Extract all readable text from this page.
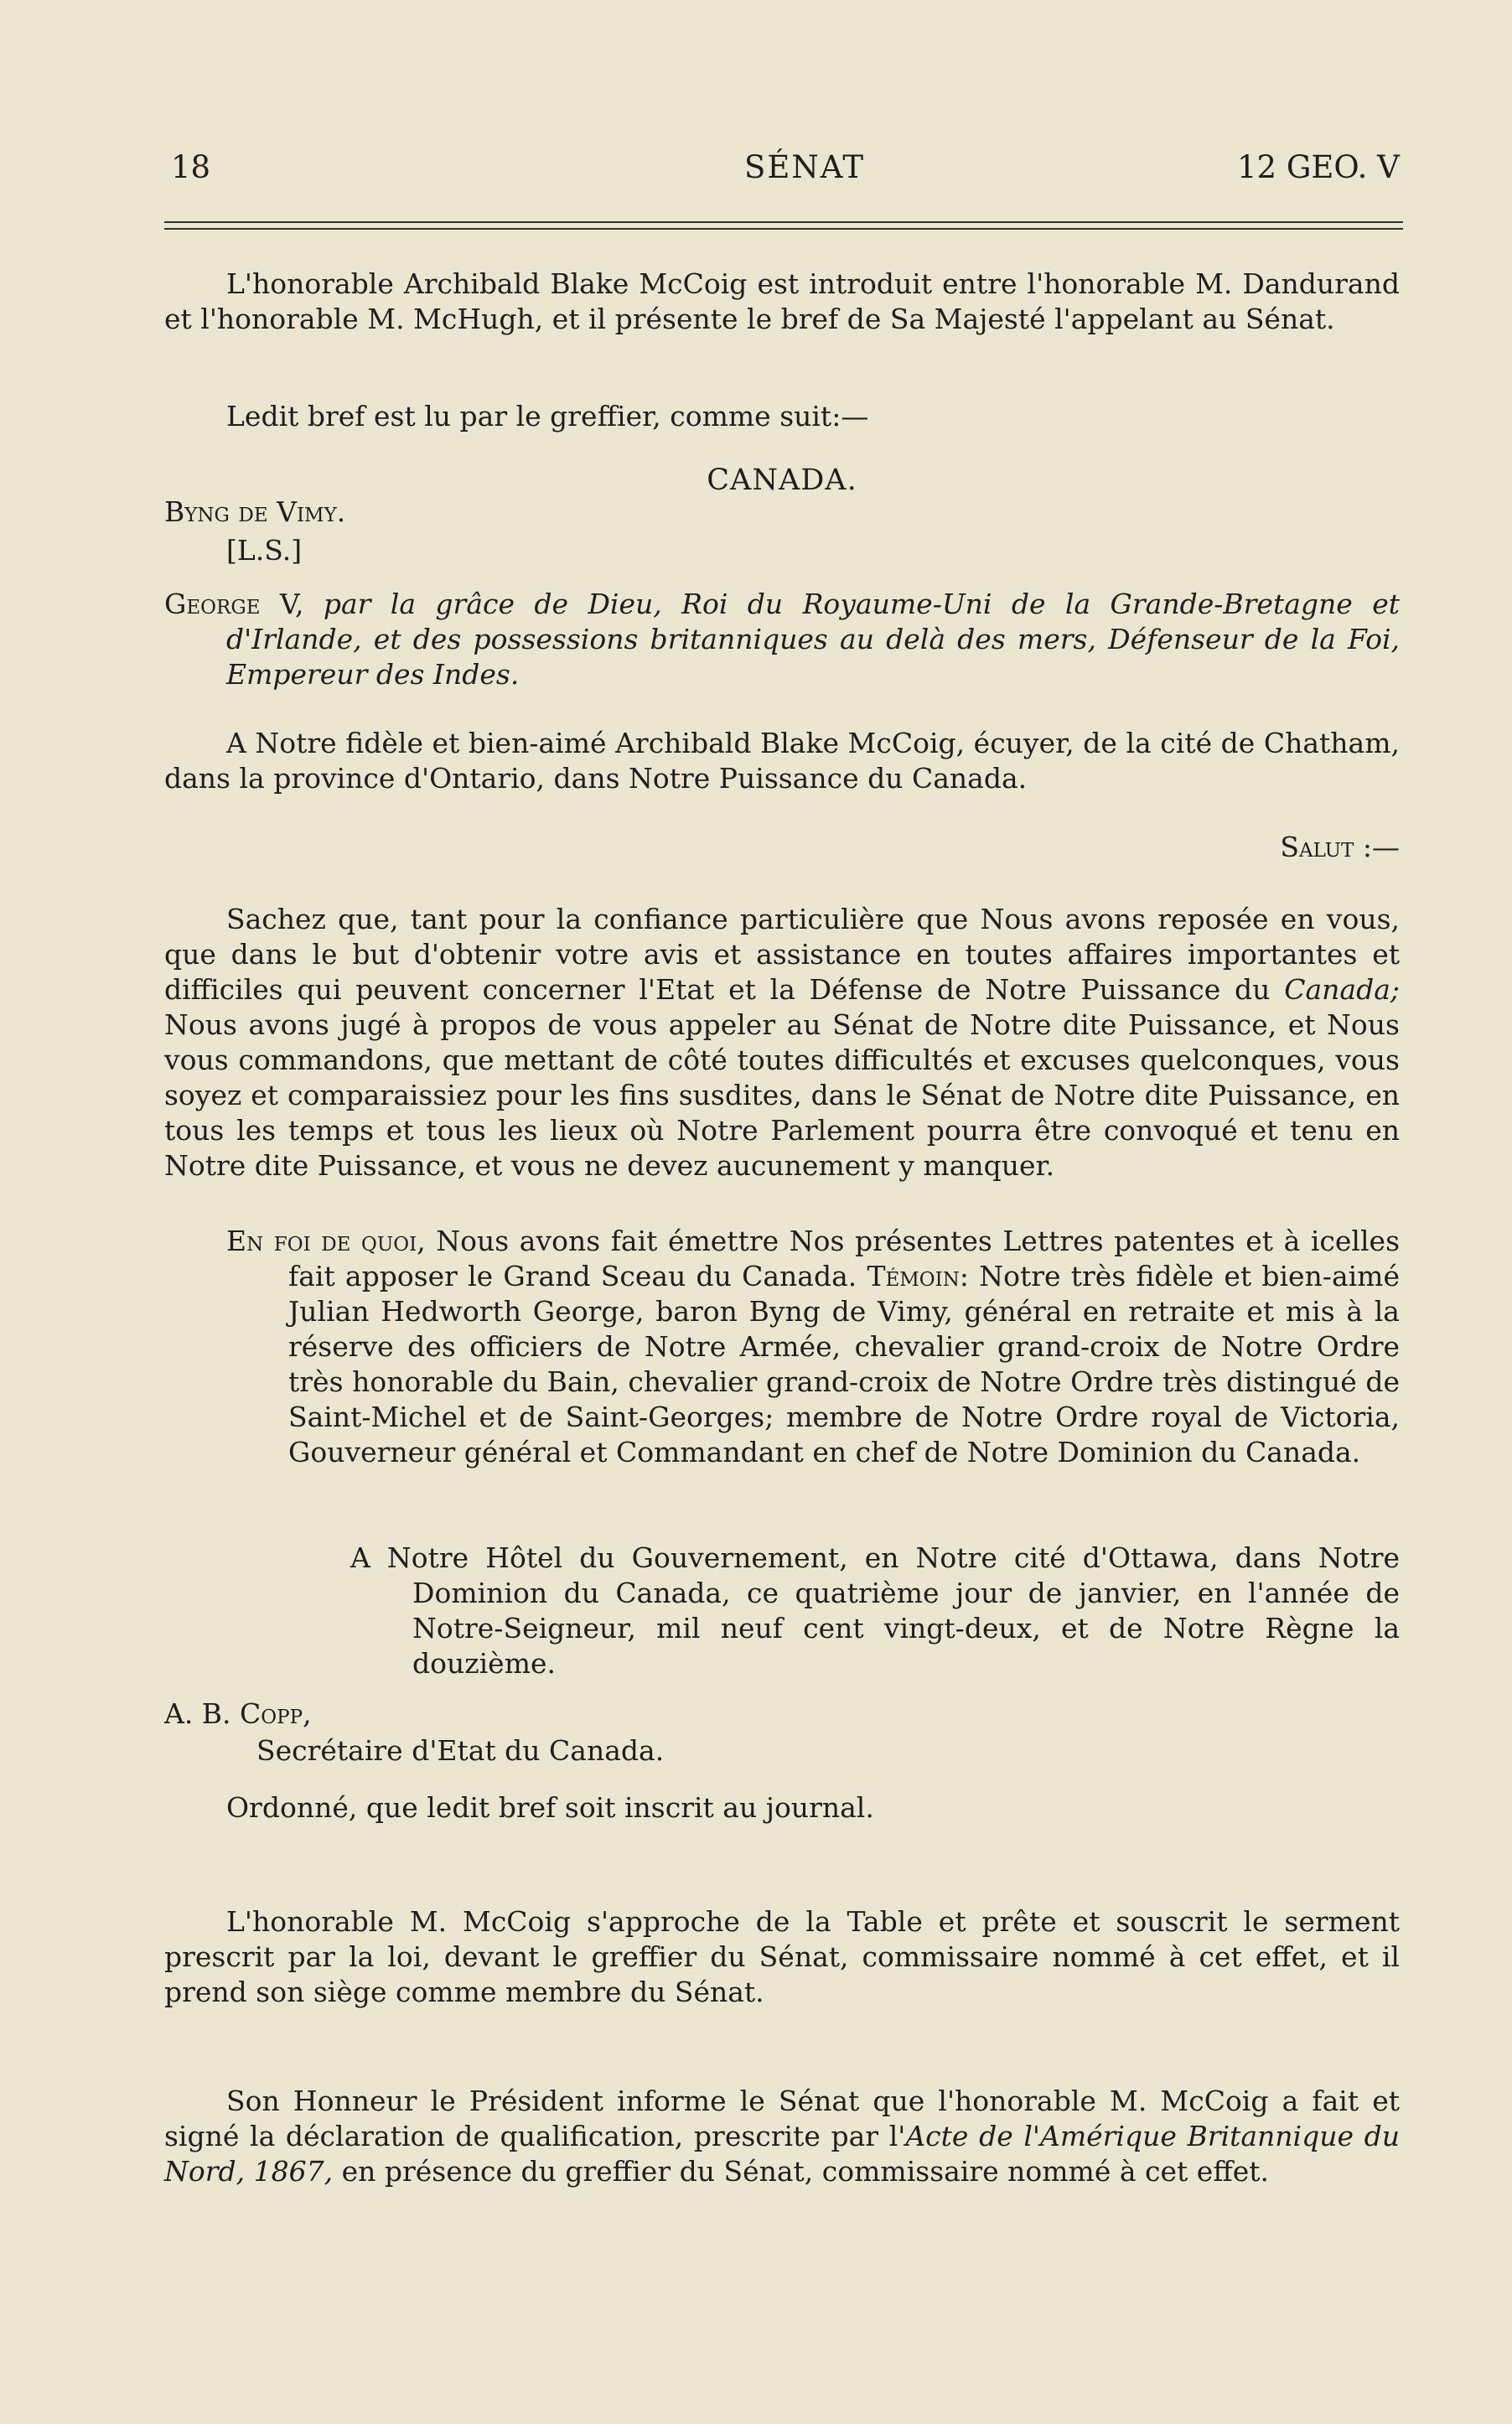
18	SÉNAT	12 GEO. V
L'honorable Archibald Blake McCoig est introduit entre l'honorable M. Dandurand et l'honorable M. McHugh, et il présente le bref de Sa Majesté l'appelant au Sénat.
Ledit bref est lu par le greffier, comme suit:—
CANADA.
Byng de Vimy.
[L.S.]

George V, par la grâce de Dieu, Roi du Royaume-Uni de la Grande-Bretagne et d'Irlande, et des possessions britanniques au delà des mers, Défenseur de la Foi, Empereur des Indes.

A Notre fidèle et bien-aimé Archibald Blake McCoig, écuyer, de la cité de Chatham, dans la province d'Ontario, dans Notre Puissance du Canada.
Salut :—
Sachez que, tant pour la confiance particulière que Nous avons reposée en vous, que dans le but d'obtenir votre avis et assistance en toutes affaires importantes et difficiles qui peuvent concerner l'Etat et la Défense de Notre Puissance du Canada; Nous avons jugé à propos de vous appeler au Sénat de Notre dite Puissance, et Nous vous commandons, que mettant de côté toutes difficultés et excuses quelconques, vous soyez et comparaissiez pour les fins susdites, dans le Sénat de Notre dite Puissance, en tous les temps et tous les lieux où Notre Parlement pourra être convoqué et tenu en Notre dite Puissance, et vous ne devez aucunement y manquer.

En foi de quoi, Nous avons fait émettre Nos présentes Lettres patentes et à icelles fait apposer le Grand Sceau du Canada. Témoin: Notre très fidèle et bien-aimé Julian Hedworth George, baron Byng de Vimy, général en retraite et mis à la réserve des officiers de Notre Armée, chevalier grand-croix de Notre Ordre très honorable du Bain, chevalier grand-croix de Notre Ordre très distingué de Saint-Michel et de Saint-Georges; membre de Notre Ordre royal de Victoria, Gouverneur général et Commandant en chef de Notre Dominion du Canada.

A Notre Hôtel du Gouvernement, en Notre cité d'Ottawa, dans Notre Dominion du Canada, ce quatrième jour de janvier, en l'année de Notre-Seigneur, mil neuf cent vingt-deux, et de Notre Règne la douzième.

A. B. Copp,
Secrétaire d'Etat du Canada.
Ordonné, que ledit bref soit inscrit au journal.
L'honorable M. McCoig s'approche de la Table et prête et souscrit le serment prescrit par la loi, devant le greffier du Sénat, commissaire nommé à cet effet, et il prend son siège comme membre du Sénat.
Son Honneur le Président informe le Sénat que l'honorable M. McCoig a fait et signé la déclaration de qualification, prescrite par l'Acte de l'Amérique Britannique du Nord, 1867, en présence du greffier du Sénat, commissaire nommé à cet effet.
